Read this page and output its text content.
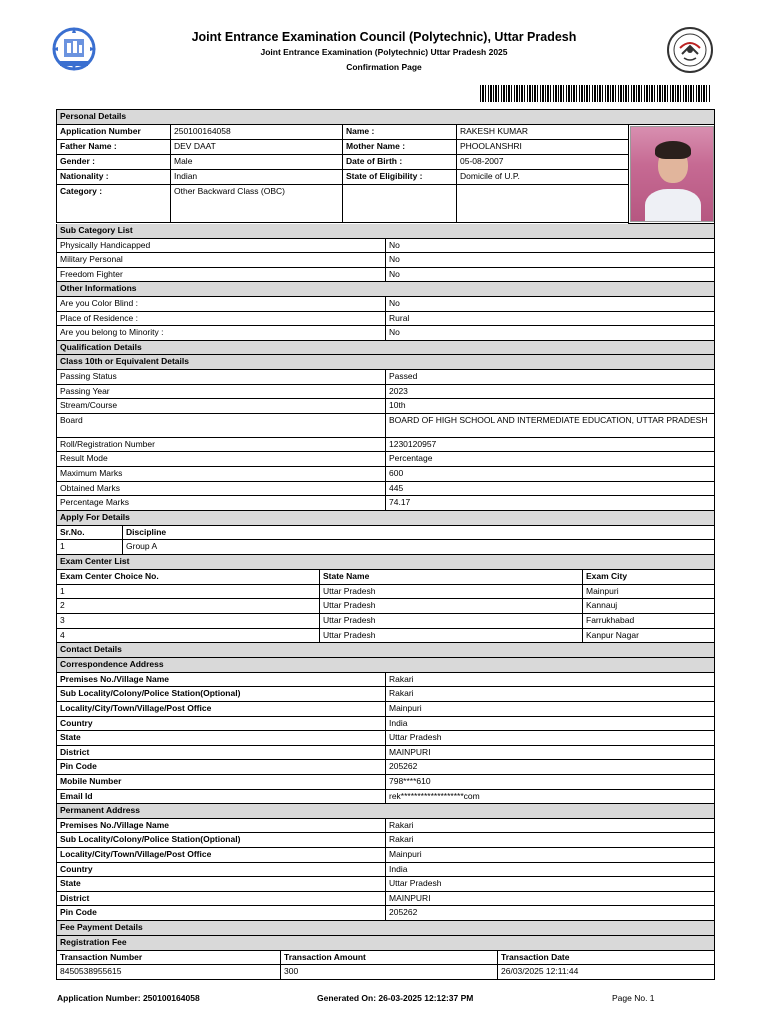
Joint Entrance Examination Council (Polytechnic), Uttar Pradesh
Joint Entrance Examination (Polytechnic) Uttar Pradesh 2025
Confirmation Page
Personal Details				
Application Number	250100164058	Name :	RAKESH KUMAR	

Father Name :	DEV DAAT	Mother Name :	PHOOLANSHRI	
Gender :	Male	Date of Birth :	05-08-2007	
Nationality :	Indian	State of Eligibility :	Domicile of U.P.	
Category :	Other Backward Class (OBC)			

Sub Category List	
Physically Handicapped	No
Military Personal	No
Freedom Fighter	No
Other Informations	
Are you Color Blind :	No
Place of Residence :	Rural
Are you belong to Minority :	No
Qualification Details	
Class 10th or Equivalent Details	
Passing Status	Passed
Passing Year	2023
Stream/Course	10th
Board	BOARD OF HIGH SCHOOL AND INTERMEDIATE EDUCATION, UTTAR PRADESH
Roll/Registration Number	1230120957
Result Mode	Percentage
Maximum Marks	600
Obtained Marks	445
Percentage Marks	74.17
Apply For Details	
Sr.No.	Discipline
1	Group A
Exam Center List		
Exam Center Choice No.	State Name	Exam City
1	Uttar Pradesh	Mainpuri
2	Uttar Pradesh	Kannauj
3	Uttar Pradesh	Farrukhabad
4	Uttar Pradesh	Kanpur Nagar
Contact Details	
Correspondence Address	
Premises No./Village Name	Rakari
Sub Locality/Colony/Police Station(Optional)	Rakari
Locality/City/Town/Village/Post Office	Mainpuri
Country	India
State	Uttar Pradesh
District	MAINPURI
Pin Code	205262
Mobile Number	798****610
Email Id	rek*******************com
Permanent Address	
Premises No./Village Name	Rakari
Sub Locality/Colony/Police Station(Optional)	Rakari
Locality/City/Town/Village/Post Office	Mainpuri
Country	India
State	Uttar Pradesh
District	MAINPURI
Pin Code	205262
Fee Payment Details		
Registration Fee		
Transaction Number	Transaction Amount	Transaction Date
8450538955615	300	26/03/2025 12:11:44
Application Number: 250100164058	Generated On: 26-03-2025 12:12:37 PM	Page No. 1
